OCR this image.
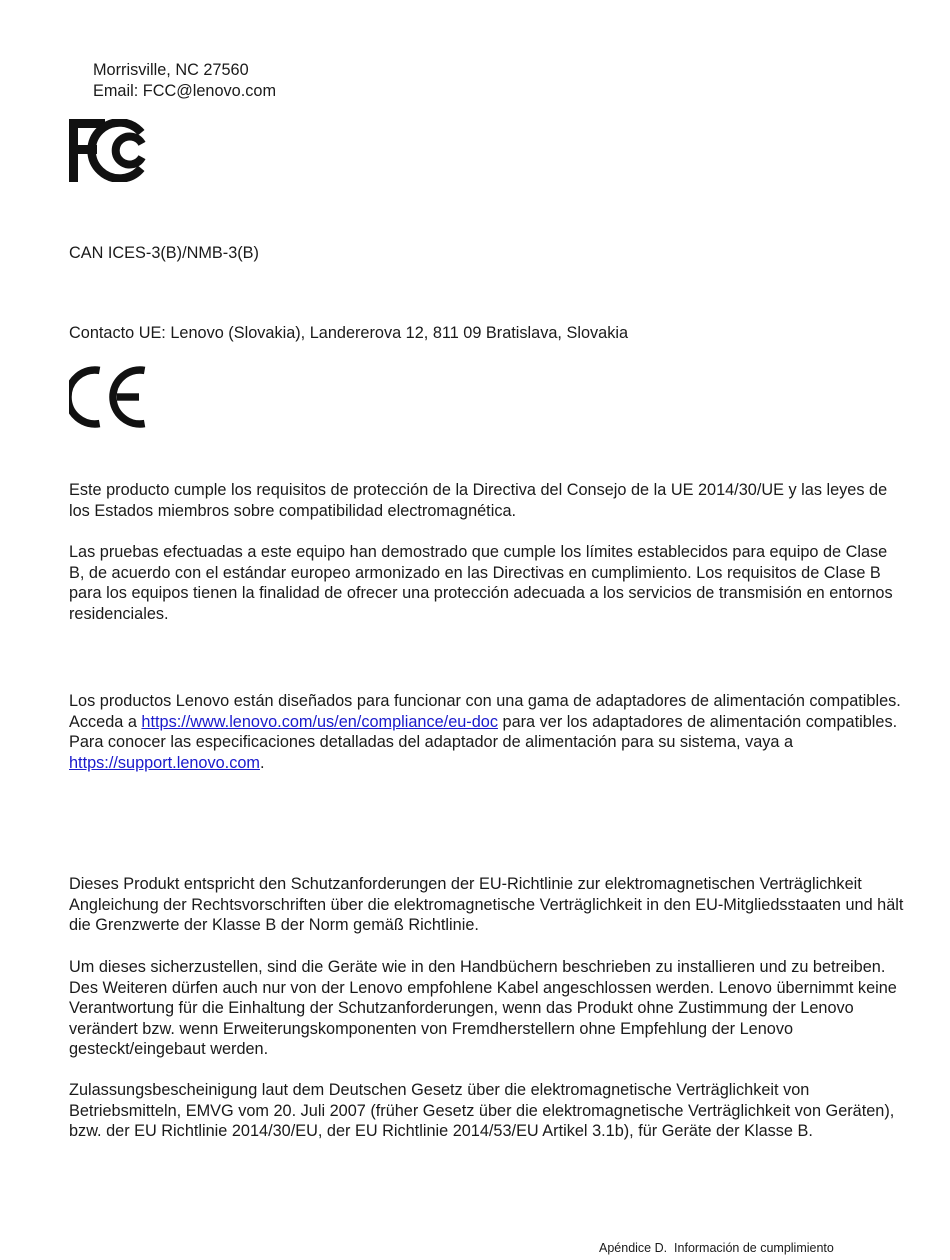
Morrisville, NC 27560
Email: FCC@lenovo.com
CAN ICES-3(B)/NMB-3(B)
Contacto UE: Lenovo (Slovakia), Landererova 12, 811 09 Bratislava, Slovakia
Este producto cumple los requisitos de protección de la Directiva del Consejo de la UE 2014/30/UE y las leyes de los Estados miembros sobre compatibilidad electromagnética.
Las pruebas efectuadas a este equipo han demostrado que cumple los límites establecidos para equipo de Clase B, de acuerdo con el estándar europeo armonizado en las Directivas en cumplimiento. Los requisitos de Clase B para los equipos tienen la finalidad de ofrecer una protección adecuada a los servicios de transmisión en entornos residenciales.
Los productos Lenovo están diseñados para funcionar con una gama de adaptadores de alimentación compatibles. Acceda a https://www.lenovo.com/us/en/compliance/eu-doc para ver los adaptadores de alimentación compatibles. Para conocer las especificaciones detalladas del adaptador de alimentación para su sistema, vaya a https://support.lenovo.com.
Dieses Produkt entspricht den Schutzanforderungen der EU-Richtlinie zur elektromagnetischen Verträglichkeit Angleichung der Rechtsvorschriften über die elektromagnetische Verträglichkeit in den EU-Mitgliedsstaaten und hält die Grenzwerte der Klasse B der Norm gemäß Richtlinie.
Um dieses sicherzustellen, sind die Geräte wie in den Handbüchern beschrieben zu installieren und zu betreiben. Des Weiteren dürfen auch nur von der Lenovo empfohlene Kabel angeschlossen werden. Lenovo übernimmt keine Verantwortung für die Einhaltung der Schutzanforderungen, wenn das Produkt ohne Zustimmung der Lenovo verändert bzw. wenn Erweiterungskomponenten von Fremdherstellern ohne Empfehlung der Lenovo gesteckt/eingebaut werden.
Zulassungsbescheinigung laut dem Deutschen Gesetz über die elektromagnetische Verträglichkeit von Betriebsmitteln, EMVG vom 20. Juli 2007 (früher Gesetz über die elektromagnetische Verträglichkeit von Geräten), bzw. der EU Richtlinie 2014/30/EU, der EU Richtlinie 2014/53/EU Artikel 3.1b), für Geräte der Klasse B.
Apéndice D.  Información de cumplimiento
